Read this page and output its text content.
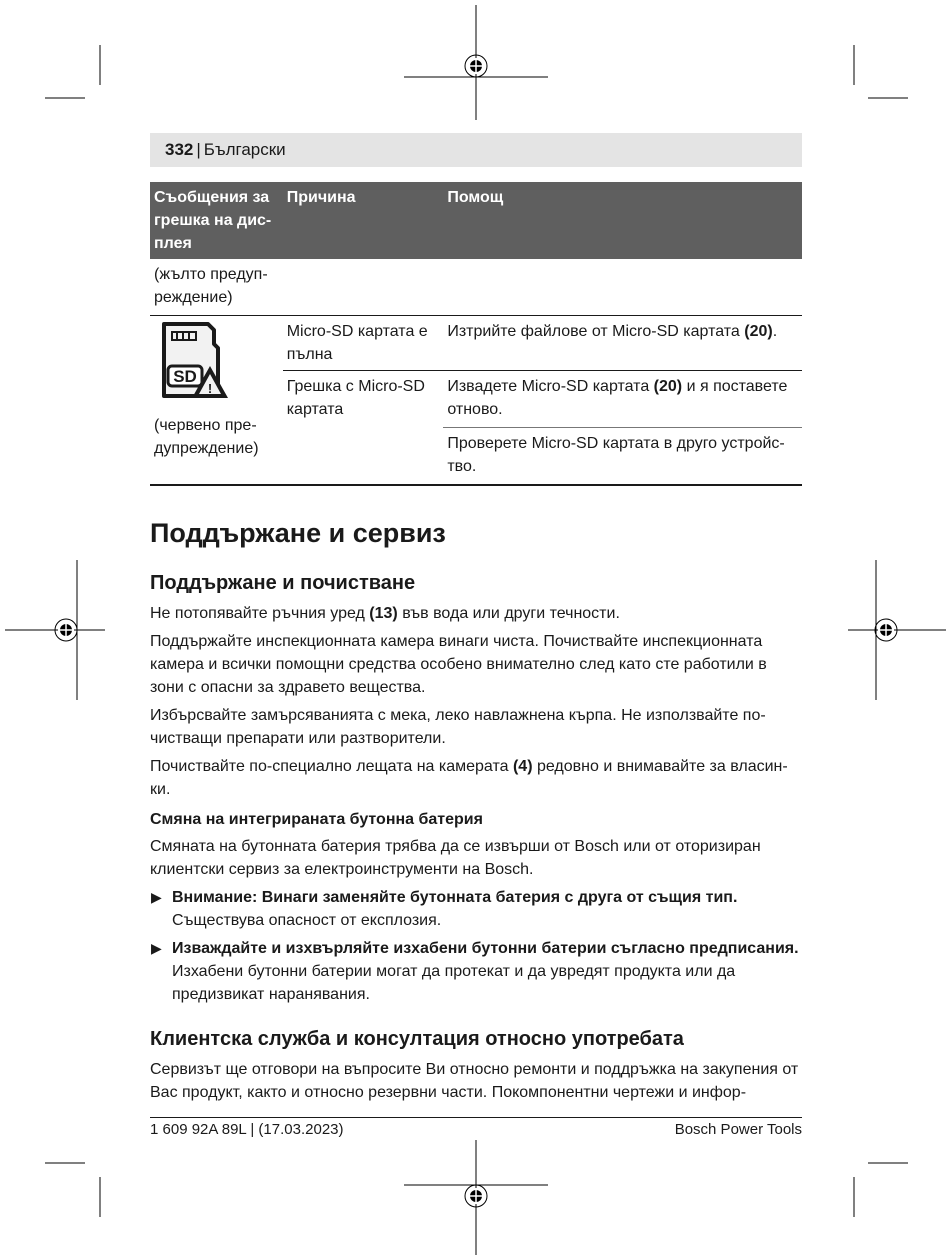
332 | Български
Съобщения за грешка на дис-плея	Причина	Помощ
(жълто предуп-реждение)		

SD
!
(червено пре-дупреждение)	Micro-SD картата е пълна	Изтрийте файлове от Micro-SD картата (20).
	Грешка с Micro-SD картата	Извадете Micro-SD картата (20) и я поставете отново.
		Проверете Micro-SD картата в друго устройс-тво.
Поддържане и сервиз
Поддържане и почистване

Не потопявайте ръчния уред (13) във вода или други течности.

Поддържайте инспекционната камера винаги чиста. Почиствайте инспекционната камера и всички помощни средства особено внимателно след като сте работили в зони с опасни за здравето вещества.

Избърсвайте замърсяванията с мека, леко навлажнена кърпа. Не използвайте по-чистващи препарати или разтворители.

Почиствайте по-специално лещата на камерата (4) редовно и внимавайте за власин-ки.

Смяна на интегрираната бутонна батерия

Смяната на бутонната батерия трябва да се извърши от Bosch или от оторизиран клиентски сервиз за електроинструменти на Bosch.

▶ Внимание: Винаги заменяйте бутонната батерия с друга от същия тип. Съществува опасност от експлозия.
▶ Изваждайте и изхвърляйте изхабени бутонни батерии съгласно предписания. Изхабени бутонни батерии могат да протекат и да увредят продукта или да предизвикат наранявания.
Клиентска служба и консултация относно употребата

Сервизът ще отговори на въпросите Ви относно ремонти и поддръжка на закупения от Вас продукт, както и относно резервни части. Покомпонентни чертежи и инфор-

1 609 92A 89L | (17.03.2023)	Bosch Power Tools
